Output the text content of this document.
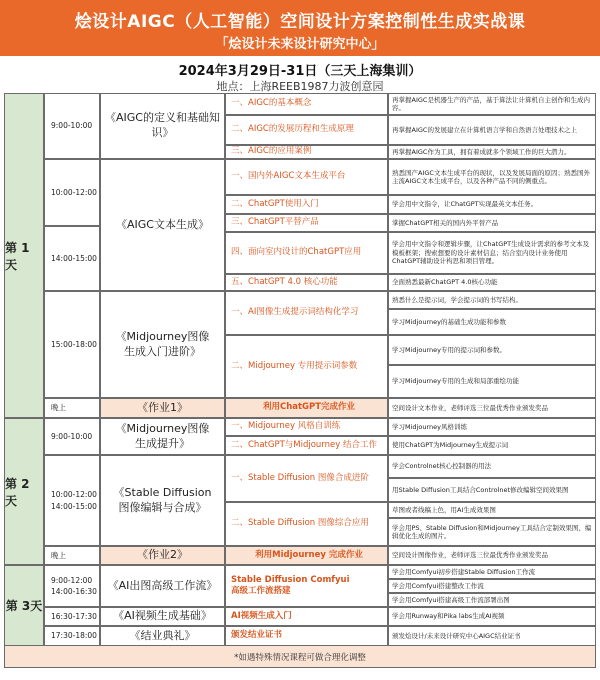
烩设计AIGC（人工智能）空间设计方案控制性生成实战课
「烩设计未来设计研究中心」
2024年3月29日-31日（三天上海集训）
地点：上海REEB1987力波创意园
第 1 天
第 2 天
第 3天
9:00-10:00
10:00-12:00
14:00-15:00
15:00-18:00
晚上
9:00-10:00
10:00-12:00
14:00-15:00
晚上
9:00-12:00
14:00-16:30
16:30-17:30
17:30-18:00
《AIGC的定义和基础知识》
《AIGC文本生成》
《Midjourney图像
生成入门进阶》
《作业1》
《Midjourney图像
生成提升》
《Stable Diffusion
图像编辑与合成》
《作业2》
《AI出图高级工作流》
《AI视频生成基础》
《结业典礼》
一、AIGC的基本概念
二、AIGC的发展历程和生成原理
三、AIGC的应用案例
一、国内外AIGC文本生成平台
二、ChatGPT使用入门
三、ChatGPT平替产品
四、面向室内设计的ChatGPT应用
五、ChatGPT 4.0 核心功能
一、AI图像生成提示词结构化学习
二、Midjourney 专用提示词参数
利用ChatGPT完成作业
一、Midjourney 风格自训练
二、ChatGPT与Midjourney 结合工作
一、Stable Diffusion 图像合成进阶
二、Stable Diffusion 图像综合应用
利用Midjourney 完成作业
Stable Diffusion Comfyui
高级工作流搭建
AI视频生成入门
颁发结业证书
再掌握AIGC是机器生产的产品，基于算法让计算机自主创作和生成内容。
再掌握AIGC的发展建立在计算机语言学和自然语言处理技术之上
再掌握AIGC作为工具，拥有着成就多个领域工作的巨大潜力。
熟悉国产AIGC文本生成平台的现状，以及发展局面的原因；熟悉国外主流AIGC文本生成平台，以及各种产品不同的侧重点。
学会用中文指令，让ChatGPT实现最英文本任务。
掌握ChatGPT相关的国内外平替产品
学会用中文指令和逻辑步骤，让ChatGPT生成设计需求的参考文本及模板框架；搜索想要的设计素材信息；结合室内设计业务使用ChatGPT辅助设计构思和项目管理。
全面熟悉最新ChatGPT 4.0核心功能
熟悉什么是提示词，学会提示词的书写结构。
学习Midjourney的基础生成功能和参数
学习Midjourney专用的提示词和参数。
学习Midjourney专用的生成和局部重绘功能
空间设计文本作业，老师评选三位最优秀作业颁发奖品
学习Midjourney风格训练
使用ChatGPT为Midjourney生成提示词
学会Controlnet核心控制器的用法
用Stable Diffusion工具结合Controlnet修改编辑空间效果图
草图或者线稿上色，用AI生成效果图
学会用PS、Stable Diffusion和Midjourney工具结合定制效果图、编辑优化生成的图片。
空间设计图像作业，老师评选三位最优秀作业颁发奖品
学会用Comfyui初步搭建Stable Diffusion工作流
学会用Comfyui搭建整改工作流
学会用Comfyui搭建高级工作流部署出图
学会用Runway和Pika labs生成AI视频
颁发烩设计/未来设计研究中心AIGC结业证书
*如遇特殊情况课程可做合理化调整
